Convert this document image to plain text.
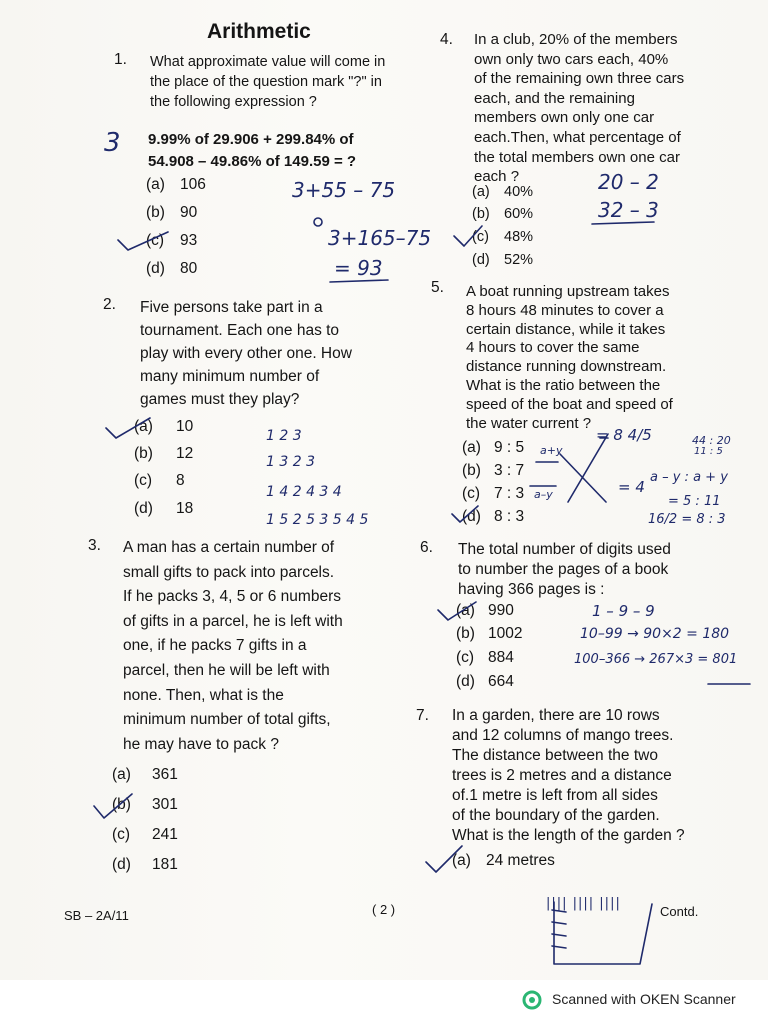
Arithmetic
1. What approximate value will come in
the place of the question mark "?" in
the following expression ?
9.99% of 29.906 + 299.84% of
54.908 – 49.86% of 149.59 = ?
(a) 106
(b) 90
(c) 93
(d) 80
2. Five persons take part in a
tournament. Each one has to
play with every other one. How
many minimum number of
games must they play?
(a) 10
(b) 12
(c) 8
(d) 18
3. A man has a certain number of
small gifts to pack into parcels.
If he packs 3, 4, 5 or 6 numbers
of gifts in a parcel, he is left with
one, if he packs 7 gifts in a
parcel, then he will be left with
none. Then, what is the
minimum number of total gifts,
he may have to pack ?
(a) 361
(b) 301
(c) 241
(d) 181
4. In a club, 20% of the members
own only two cars each, 40%
of the remaining own three cars
each, and the remaining
members own only one car
each.Then, what percentage of
the total members own one car
each ?
(a) 40%
(b) 60%
(c) 48%
(d) 52%
5. A boat running upstream takes
8 hours 48 minutes to cover a
certain distance, while it takes
4 hours to cover the same
distance running downstream.
What is the ratio between the
speed of the boat and speed of
the water current ?
(a) 9 : 5
(b) 3 : 7
(c) 7 : 3
(d) 8 : 3
6. The total number of digits used
to number the pages of a book
having 366 pages is :
(a) 990
(b) 1002
(c) 884
(d) 664
7. In a garden, there are 10 rows
and 12 columns of mango trees.
The distance between the two
trees is 2 metres and a distance
of.1 metre is left from all sides
of the boundary of the garden.
What is the length of the garden ?
(a) 24 metres
3
3+55 – 75
3+165–75
= 93
20 – 2
32 – 3
1 2 3
1 3 2 3
1 4 2 4 3 4
1 5 2 5 3 5 4 5
= 8 4/5	44 : 20
11 : 5
a+y
a–y	= 4
a – y : a + y
= 5 : 11
16/2 = 8 : 3
1 – 9 – 9
10–99 → 90×2 = 180
100–366 → 267×3 = 801
|||| |||| ||||
SB – 2A/11	( 2 )	Contd.
Scanned with OKEN Scanner
